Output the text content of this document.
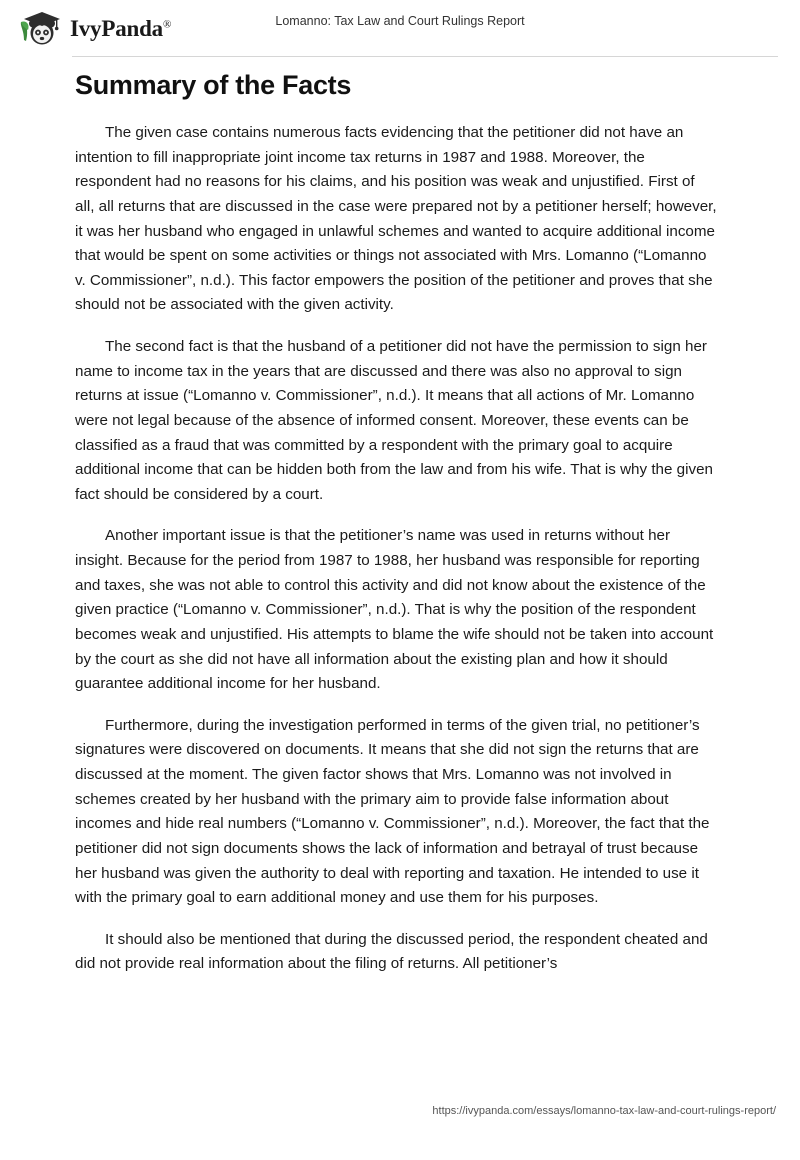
IvyPanda®	Lomanno: Tax Law and Court Rulings Report
Summary of the Facts

The given case contains numerous facts evidencing that the petitioner did not have an intention to fill inappropriate joint income tax returns in 1987 and 1988. Moreover, the respondent had no reasons for his claims, and his position was weak and unjustified. First of all, all returns that are discussed in the case were prepared not by a petitioner herself; however, it was her husband who engaged in unlawful schemes and wanted to acquire additional income that would be spent on some activities or things not associated with Mrs. Lomanno (“Lomanno v. Commissioner”, n.d.). This factor empowers the position of the petitioner and proves that she should not be associated with the given activity.

The second fact is that the husband of a petitioner did not have the permission to sign her name to income tax in the years that are discussed and there was also no approval to sign returns at issue (“Lomanno v. Commissioner”, n.d.). It means that all actions of Mr. Lomanno were not legal because of the absence of informed consent. Moreover, these events can be classified as a fraud that was committed by a respondent with the primary goal to acquire additional income that can be hidden both from the law and from his wife. That is why the given fact should be considered by a court.

Another important issue is that the petitioner’s name was used in returns without her insight. Because for the period from 1987 to 1988, her husband was responsible for reporting and taxes, she was not able to control this activity and did not know about the existence of the given practice (“Lomanno v. Commissioner”, n.d.). That is why the position of the respondent becomes weak and unjustified. His attempts to blame the wife should not be taken into account by the court as she did not have all information about the existing plan and how it should guarantee additional income for her husband.

Furthermore, during the investigation performed in terms of the given trial, no petitioner’s signatures were discovered on documents. It means that she did not sign the returns that are discussed at the moment. The given factor shows that Mrs. Lomanno was not involved in schemes created by her husband with the primary aim to provide false information about incomes and hide real numbers (“Lomanno v. Commissioner”, n.d.). Moreover, the fact that the petitioner did not sign documents shows the lack of information and betrayal of trust because her husband was given the authority to deal with reporting and taxation. He intended to use it with the primary goal to earn additional money and use them for his purposes.

It should also be mentioned that during the discussed period, the respondent cheated and did not provide real information about the filing of returns. All petitioner’s

https://ivypanda.com/essays/lomanno-tax-law-and-court-rulings-report/
